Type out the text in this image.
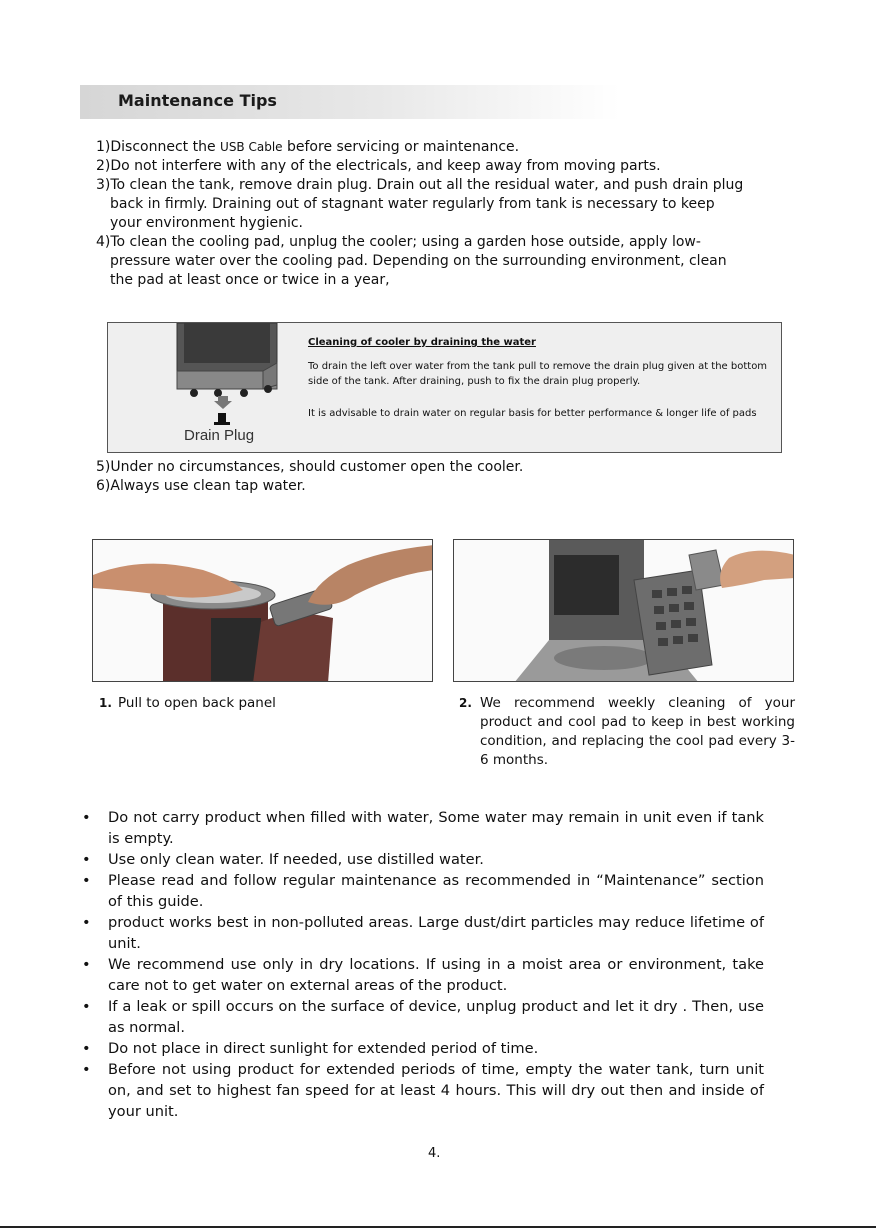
Maintenance Tips

1)Disconnect the USB Cable before servicing or maintenance.

2)Do not interfere with any of the electricals, and keep away from moving parts.

3)To clean the tank, remove drain plug. Drain out all the residual water, and push drain plug
back in firmly. Draining out of stagnant water regularly from tank is necessary to keep
your environment hygienic.

4)To clean the cooling pad, unplug the cooler; using a garden hose outside, apply low-
pressure water over the cooling pad. Depending on the surrounding environment, clean
the pad at least once or twice in a year,

Drain Plug
Cleaning of cooler by draining the water
To drain the left over water from the tank pull to remove the drain plug given at the bottom side of the tank. After draining, push to fix the drain plug properly.
It is advisable to drain water on regular basis for better performance & longer life of pads
5)Under no circumstances, should customer open the cooler.
6)Always use clean tap water.
1. Pull to open back panel	2. We recommend weekly cleaning of your product and cool pad to keep in best working condition, and replacing the cool pad every 3-6 months.
• Do not carry product when filled with water, Some water may remain in unit even if tank is empty.
• Use only clean water. If needed, use distilled water.
• Please read and follow regular maintenance as recommended in “Maintenance” section of this guide.
• product works best in non-polluted areas. Large dust/dirt particles may reduce lifetime of unit.
• We recommend use only in dry locations. If using in a moist area or environment, take care not to get water on external areas of the product.
• If a leak or spill occurs on the surface of device, unplug product and let it dry . Then, use as normal.
• Do not place in direct sunlight for extended period of time.
• Before not using product for extended periods of time, empty the water tank, turn unit on, and set to highest fan speed for at least 4 hours. This will dry out then and inside of your unit.
4.
